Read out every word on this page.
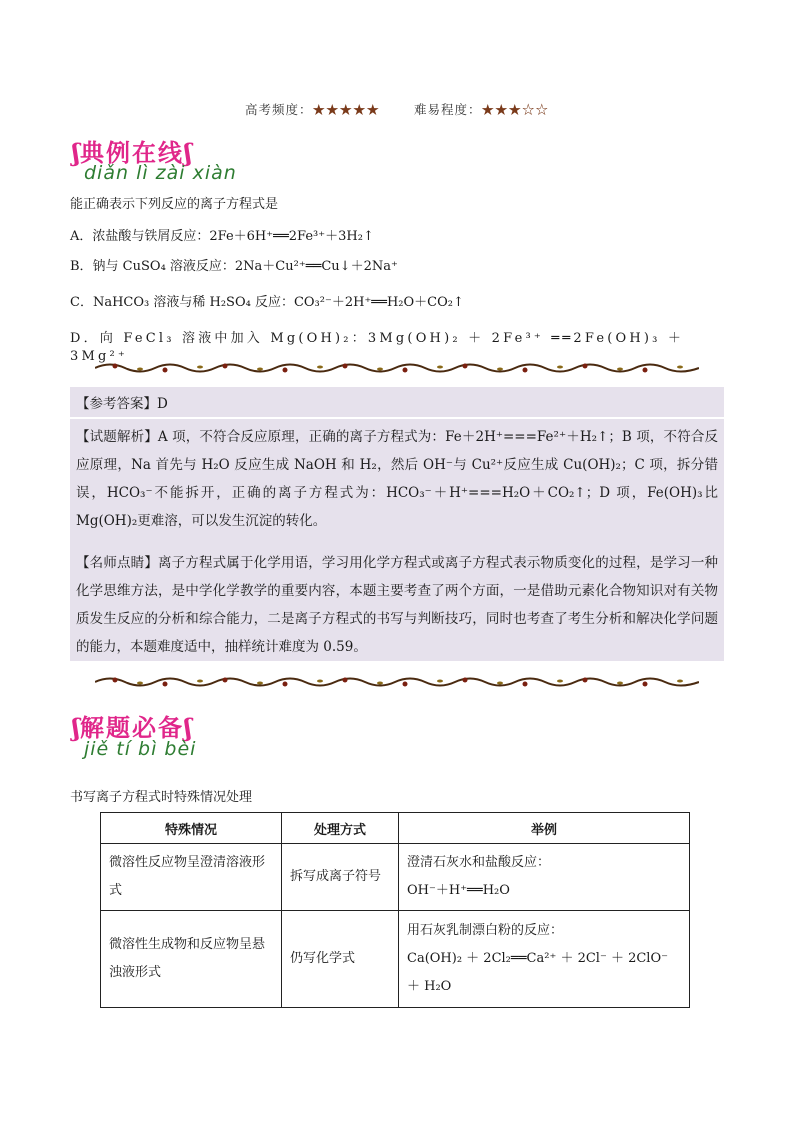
高考频度：★★★★★	难易程度：★★★☆☆
ʃ典例在线ʃ
diǎn lì zài xiàn
能正确表示下列反应的离子方程式是
A．浓盐酸与铁屑反应：2Fe＋6H⁺══2Fe³⁺＋3H₂↑
B．钠与 CuSO₄ 溶液反应：2Na＋Cu²⁺══Cu↓＋2Na⁺
C．NaHCO₃ 溶液与稀 H₂SO₄ 反应：CO₃²⁻＋2H⁺══H₂O＋CO₂↑
D．向 FeCl₃ 溶液中加入 Mg(OH)₂：3Mg(OH)₂ ＋ 2Fe³⁺ ══2Fe(OH)₃ ＋ 3Mg²⁺
【参考答案】D
【试题解析】A 项，不符合反应原理，正确的离子方程式为：Fe＋2H⁺===Fe²⁺＋H₂↑；B 项，不符合反应原理，Na 首先与 H₂O 反应生成 NaOH 和 H₂，然后 OH⁻与 Cu²⁺反应生成 Cu(OH)₂；C 项，拆分错误，HCO₃⁻不能拆开，正确的离子方程式为：HCO₃⁻＋H⁺===H₂O＋CO₂↑；D 项，Fe(OH)₃比 Mg(OH)₂更难溶，可以发生沉淀的转化。
【名师点睛】离子方程式属于化学用语，学习用化学方程式或离子方程式表示物质变化的过程，是学习一种化学思维方法，是中学化学教学的重要内容，本题主要考查了两个方面，一是借助元素化合物知识对有关物质发生反应的分析和综合能力，二是离子方程式的书写与判断技巧，同时也考查了考生分析和解决化学问题的能力，本题难度适中，抽样统计难度为 0.59。
ʃ解题必备ʃ
jiě tí bì bèi
书写离子方程式时特殊情况处理
特殊情况	处理方式	举例
微溶性反应物呈澄清溶液形式	拆写成离子符号	澄清石灰水和盐酸反应：
OH⁻＋H⁺══H₂O

微溶性生成物和反应物呈悬浊液形式	仍写化学式	用石灰乳制漂白粉的反应：
Ca(OH)₂ ＋ 2Cl₂══Ca²⁺ ＋ 2Cl⁻ ＋ 2ClO⁻ ＋ H₂O
